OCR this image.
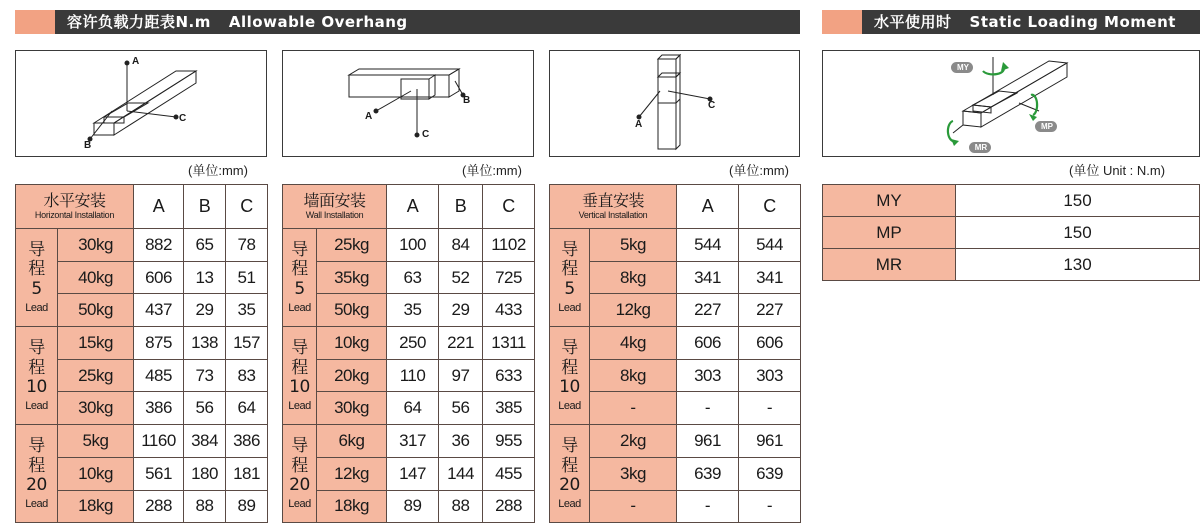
容许负载力距表N.m Allowable Overhang	水平使用时 Static Loading Moment
A
C
B
(单位:mm)
A
C
B
(单位:mm)
A
C
(单位:mm)
MY
MP
MR
(单位 Unit : N.m)
水平安装
Horizontal Installation		A	B	C

导
程
5
Lead	30kg	882	65	78
	40kg	606	13	51
	50kg	437	29	35

导
程
10
Lead	15kg	875	138	157
	25kg	485	73	83
	30kg	386	56	64

导
程
20
Lead	5kg	1160	384	386
	10kg	561	180	181
	18kg	288	88	89
墙面安装
Wall Installation		A	B	C

导
程
5
Lead	25kg	100	84	1102
	35kg	63	52	725
	50kg	35	29	433

导
程
10
Lead	10kg	250	221	1311
	20kg	110	97	633
	30kg	64	56	385

导
程
20
Lead	6kg	317	36	955
	12kg	147	144	455
	18kg	89	88	288
垂直安装
Vertical Installation		A	C

导
程
5
Lead	5kg	544	544
	8kg	341	341
	12kg	227	227

导
程
10
Lead	4kg	606	606
	8kg	303	303
	-	-	-

导
程
20
Lead	2kg	961	961
	3kg	639	639
	-	-	-
MY	150
MP	150
MR	130
